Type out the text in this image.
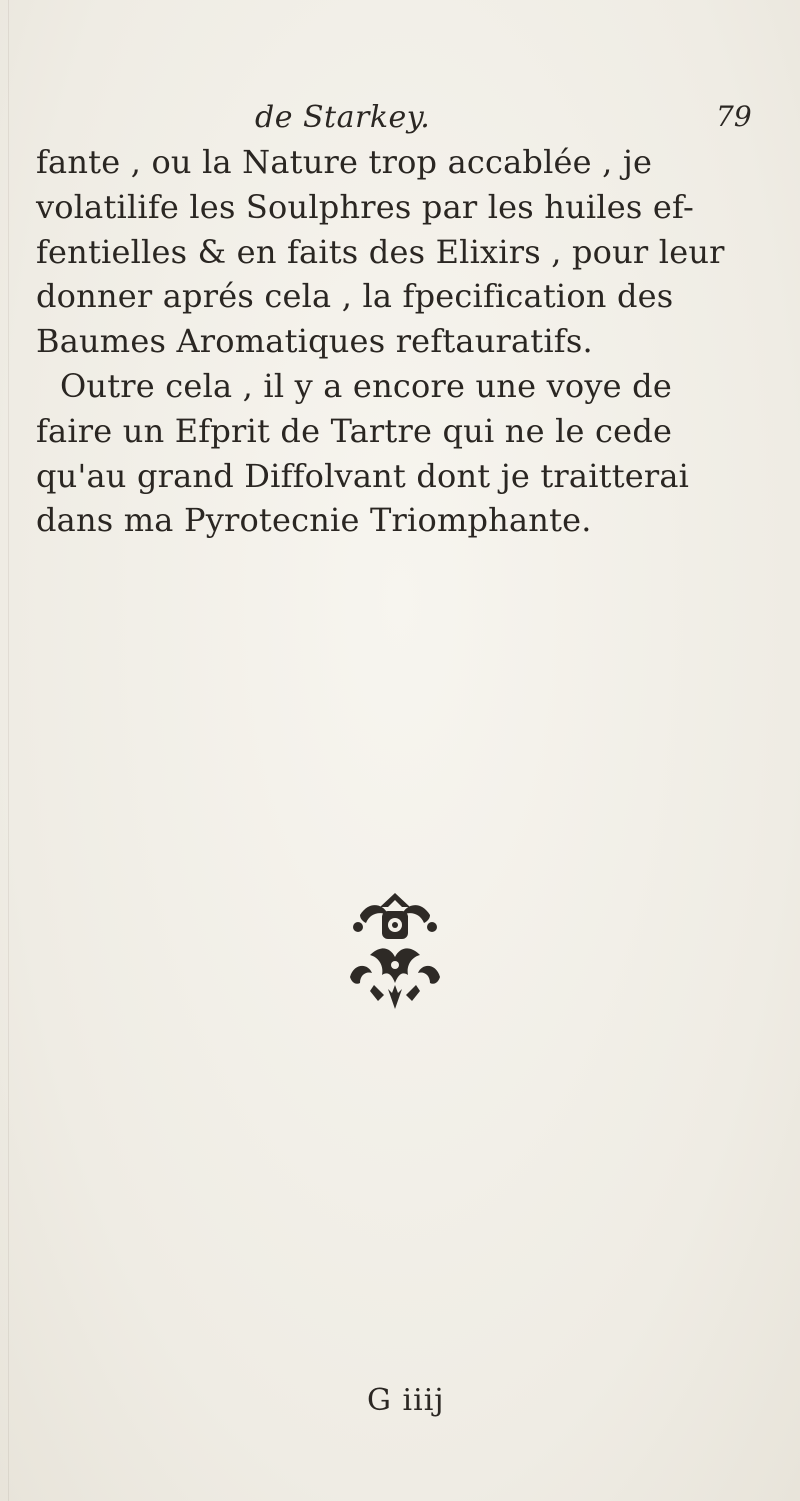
de Starkey.	79
fante , ou la Nature trop accablée , je
volatilife les Soulphres par les huiles ef-
fentielles & en faits des Elixirs , pour leur
donner aprés cela , la fpecification des
Baumes Aromatiques reftauratifs.
Outre cela , il y a encore une voye de
faire un Efprit de Tartre qui ne le cede
qu'au grand Diffolvant dont je traitterai
dans ma Pyrotecnie Triomphante.
G iiij
